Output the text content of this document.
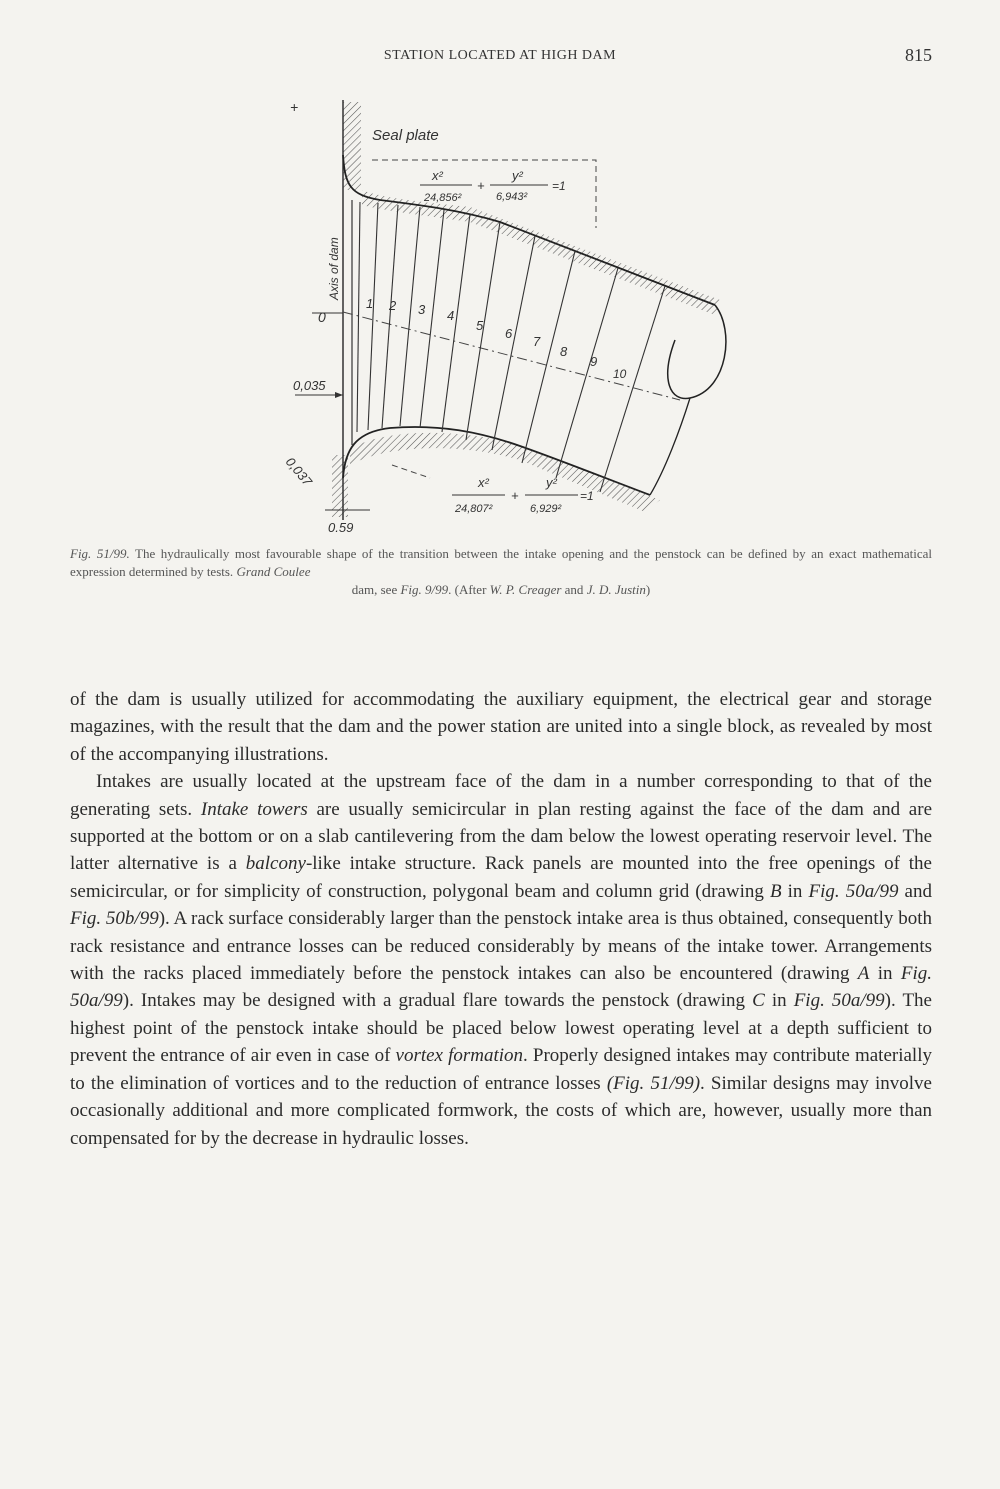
STATION LOCATED AT HIGH DAM	815
+
Seal plate
Axis of dam
0
0,035
0,037
0.59
x²
24,856²
+
y²
6,943²
=1
x²
24,807²
+
y²
6,929²
=1
1 2 3 4
5
6
7
8
9
10
Fig. 51/99. The hydraulically most favourable shape of the transition between the intake opening and the penstock can be defined by an exact mathematical expression determined by tests. Grand Coulee
dam, see Fig. 9/99. (After W. P. Creager and J. D. Justin)

of the dam is usually utilized for accommodating the auxiliary equipment, the electrical gear and storage magazines, with the result that the dam and the power station are united into a single block, as revealed by most of the accompanying illustrations.

Intakes are usually located at the upstream face of the dam in a number corresponding to that of the generating sets. Intake towers are usually semicircular in plan resting against the face of the dam and are supported at the bottom or on a slab cantilevering from the dam below the lowest operating reservoir level. The latter alternative is a balcony-like intake structure. Rack panels are mounted into the free openings of the semicircular, or for simplicity of construction, polygonal beam and column grid (drawing B in Fig. 50a/99 and Fig. 50b/99). A rack surface considerably larger than the penstock intake area is thus obtained, consequently both rack resistance and entrance losses can be reduced considerably by means of the intake tower. Arrangements with the racks placed immediately before the penstock intakes can also be encountered (drawing A in Fig. 50a/99). Intakes may be designed with a gradual flare towards the penstock (drawing C in Fig. 50a/99). The highest point of the penstock intake should be placed below lowest operating level at a depth sufficient to prevent the entrance of air even in case of vortex formation. Properly designed intakes may contribute materially to the elimination of vortices and to the reduction of entrance losses (Fig. 51/99). Similar designs may involve occasionally additional and more complicated formwork, the costs of which are, however, usually more than compensated for by the decrease in hydraulic losses.
